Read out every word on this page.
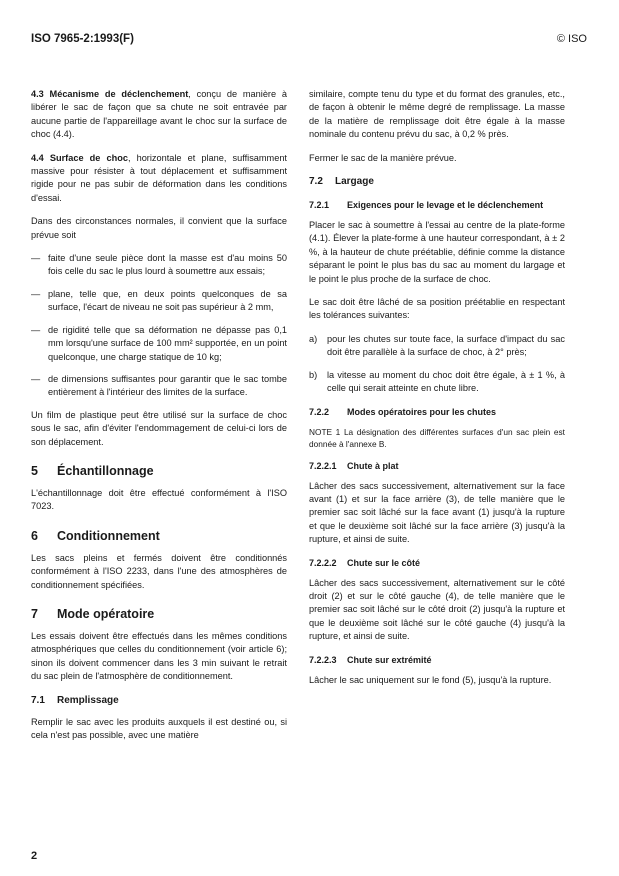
ISO 7965-2:1993(F)	© ISO

4.3 Mécanisme de déclenchement, conçu de manière à libérer le sac de façon que sa chute ne soit entravée par aucune partie de l'appareillage avant le choc sur la surface de choc (4.4).

4.4 Surface de choc, horizontale et plane, suffisamment massive pour résister à tout déplacement et suffisamment rigide pour ne pas subir de déformation dans les conditions d'essai.

Dans des circonstances normales, il convient que la surface prévue soit

— faite d'une seule pièce dont la masse est d'au moins 50 fois celle du sac le plus lourd à soumettre aux essais;
— plane, telle que, en deux points quelconques de sa surface, l'écart de niveau ne soit pas supérieur à 2 mm,
— de rigidité telle que sa déformation ne dépasse pas 0,1 mm lorsqu'une surface de 100 mm² supportée, en un point quelconque, une charge statique de 10 kg;
— de dimensions suffisantes pour garantir que le sac tombe entièrement à l'intérieur des limites de la surface.

Un film de plastique peut être utilisé sur la surface de choc sous le sac, afin d'éviter l'endommagement de celui-ci lors de son déplacement.

5 Échantillonnage

L'échantillonnage doit être effectué conformément à l'ISO 7023.

6 Conditionnement

Les sacs pleins et fermés doivent être conditionnés conformément à l'ISO 2233, dans l'une des atmosphères de conditionnement spécifiées.

7 Mode opératoire

Les essais doivent être effectués dans les mêmes conditions atmosphériques que celles du conditionnement (voir article 6); sinon ils doivent commencer dans les 3 min suivant le retrait du sac plein de l'atmosphère de conditionnement.

7.1 Remplissage

Remplir le sac avec les produits auxquels il est destiné ou, si cela n'est pas possible, avec une matière

similaire, compte tenu du type et du format des granules, etc., de façon à obtenir le même degré de remplissage. La masse de la matière de remplissage doit être égale à la masse nominale du contenu prévu du sac, à 0,2 % près.

Fermer le sac de la manière prévue.

7.2 Largage
7.2.1 Exigences pour le levage et le déclenchement

Placer le sac à soumettre à l'essai au centre de la plate-forme (4.1). Élever la plate-forme à une hauteur correspondant, à ± 2 %, à la hauteur de chute préétablie, définie comme la distance séparant le point le plus bas du sac au moment du largage et le point le plus proche de la surface de choc.

Le sac doit être lâché de sa position préétablie en respectant les tolérances suivantes:

a) pour les chutes sur toute face, la surface d'impact du sac doit être parallèle à la surface de choc, à 2° près;
b) la vitesse au moment du choc doit être égale, à ± 1 %, à celle qui serait atteinte en chute libre.
7.2.2 Modes opératoires pour les chutes

NOTE 1 La désignation des différentes surfaces d'un sac plein est donnée à l'annexe B.

7.2.2.1 Chute à plat

Lâcher des sacs successivement, alternativement sur la face avant (1) et sur la face arrière (3), de telle manière que le premier sac soit lâché sur la face avant (1) jusqu'à la rupture et que le deuxième soit lâché sur la face arrière (3) jusqu'à la rupture, et ainsi de suite.

7.2.2.2 Chute sur le côté

Lâcher des sacs successivement, alternativement sur le côté droit (2) et sur le côté gauche (4), de telle manière que le premier sac soit lâché sur le côté droit (2) jusqu'à la rupture et que le deuxième soit lâché sur le côté gauche (4) jusqu'à la rupture, et ainsi de suite.

7.2.2.3 Chute sur extrémité

Lâcher le sac uniquement sur le fond (5), jusqu'à la rupture.

2
